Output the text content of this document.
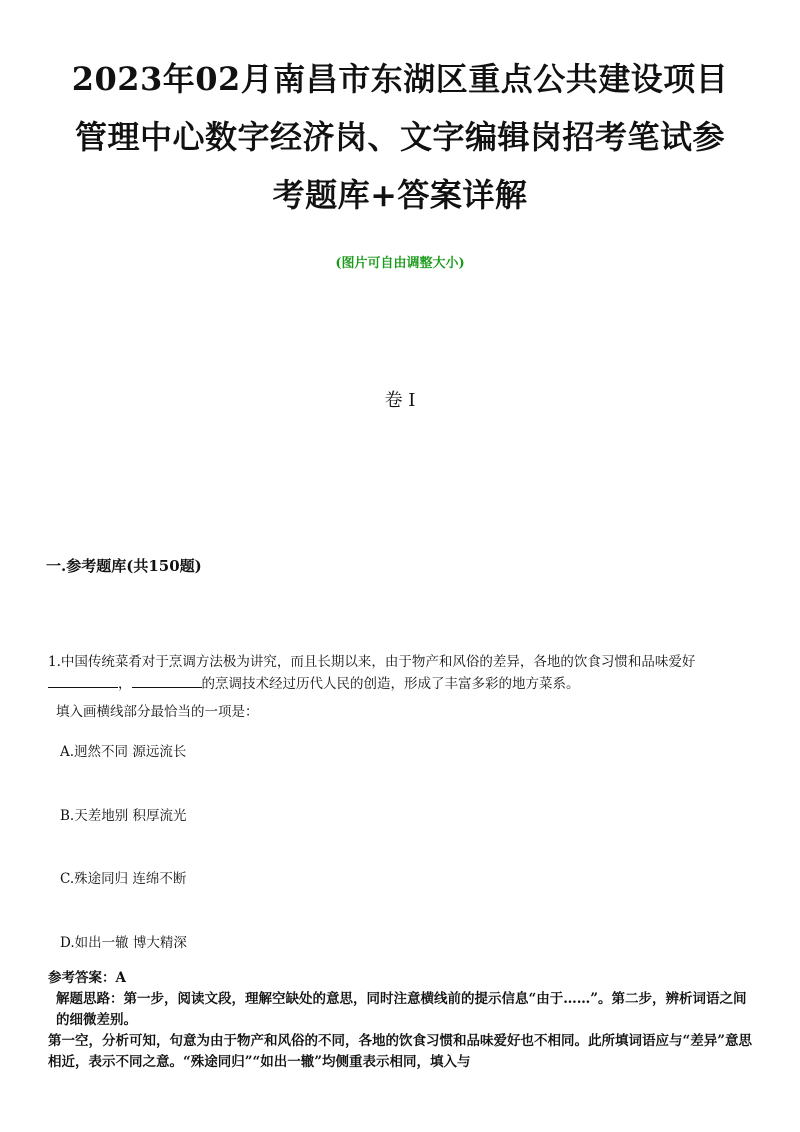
2023年02月南昌市东湖区重点公共建设项目
管理中心数字经济岗、文字编辑岗招考笔试参
考题库+答案详解
(图片可自由调整大小)
卷 I
一.参考题库(共150题)
1.中国传统菜肴对于烹调方法极为讲究，而且长期以来，由于物产和风俗的差异，各地的饮食习惯和品味爱好，	的烹调技术经过历代人民的创造，形成了丰富多彩的地方菜系。
填入画横线部分最恰当的一项是：
A.迥然不同 源远流长
B.天差地别 积厚流光
C.殊途同归 连绵不断
D.如出一辙 博大精深

参考答案：A

解题思路：第一步，阅读文段，理解空缺处的意思，同时注意横线前的提示信息“由于……”。第二步，辨析词语之间的细微差别。

第一空，分析可知，句意为由于物产和风俗的不同，各地的饮食习惯和品味爱好也不相同。此所填词语应与“差异”意思相近，表示不同之意。“殊途同归”“如出一辙”均侧重表示相同，填入与
